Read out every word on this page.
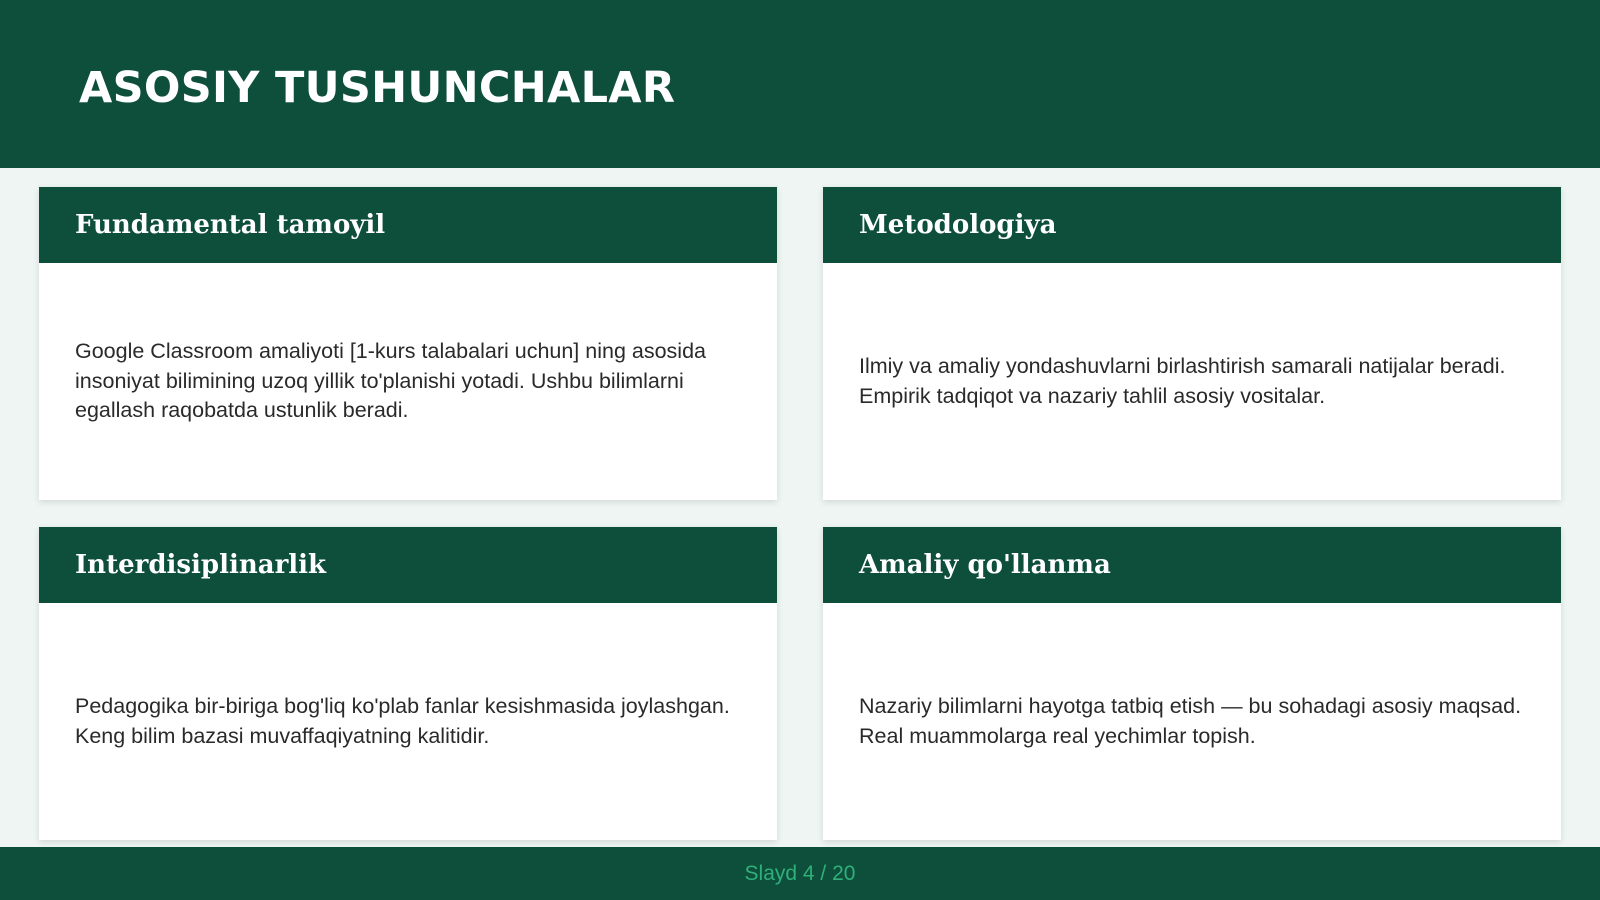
ASOSIY TUSHUNCHALAR
Fundamental tamoyil

Google Classroom amaliyoti [1-kurs talabalari uchun] ning asosida insoniyat bilimining uzoq yillik to'planishi yotadi. Ushbu bilimlarni egallash raqobatda ustunlik beradi.

Metodologiya

Ilmiy va amaliy yondashuvlarni birlashtirish samarali natijalar beradi. Empirik tadqiqot va nazariy tahlil asosiy vositalar.

Interdisiplinarlik

Pedagogika bir-biriga bog'liq ko'plab fanlar kesishmasida joylashgan. Keng bilim bazasi muvaffaqiyatning kalitidir.

Amaliy qo'llanma

Nazariy bilimlarni hayotga tatbiq etish — bu sohadagi asosiy maqsad. Real muammolarga real yechimlar topish.

Slayd 4 / 20
